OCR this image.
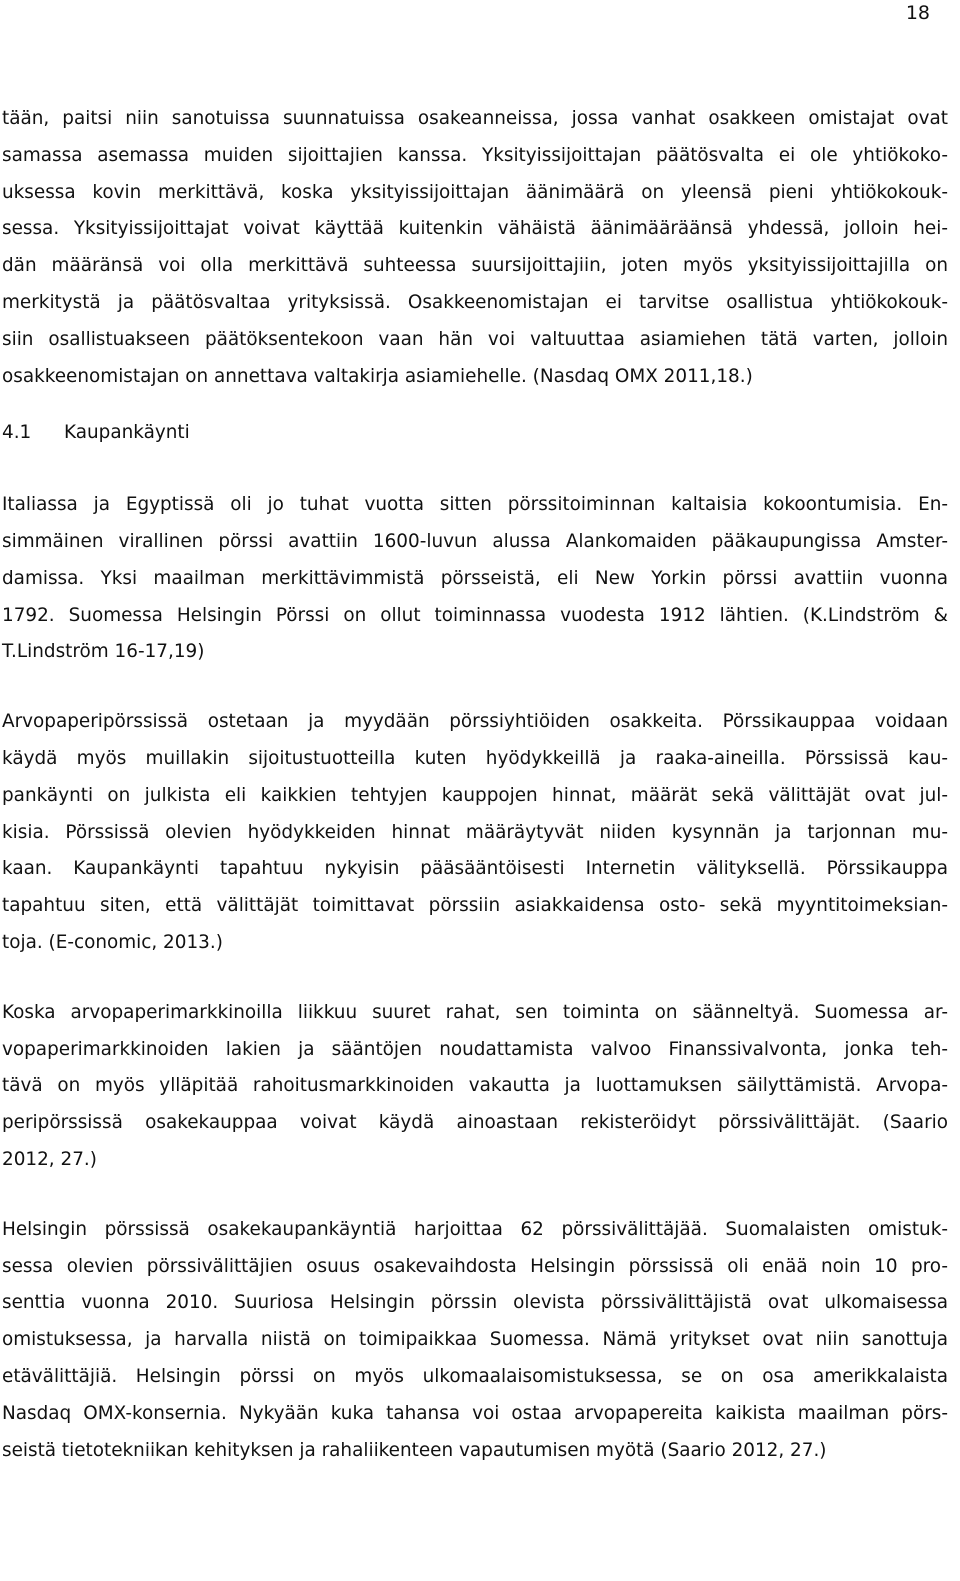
18

tään, paitsi niin sanotuissa suunnatuissa osakeanneissa, jossa vanhat osakkeen omistajat ovat
samassa asemassa muiden sijoittajien kanssa. Yksityissijoittajan päätösvalta ei ole yhtiökoko-
uksessa kovin merkittävä, koska yksityissijoittajan äänimäärä on yleensä pieni yhtiökokouk-
sessa. Yksityissijoittajat voivat käyttää kuitenkin vähäistä äänimääräänsä yhdessä, jolloin hei-
dän määränsä voi olla merkittävä suhteessa suursijoittajiin, joten myös yksityissijoittajilla on
merkitystä ja päätösvaltaa yrityksissä. Osakkeenomistajan ei tarvitse osallistua yhtiökokouk-
siin osallistuakseen päätöksentekoon vaan hän voi valtuuttaa asiamiehen tätä varten, jolloin
osakkeenomistajan on annettava valtakirja asiamiehelle. (Nasdaq OMX 2011,18.)

4.1 Kaupankäynti

Italiassa ja Egyptissä oli jo tuhat vuotta sitten pörssitoiminnan kaltaisia kokoontumisia. En-
simmäinen virallinen pörssi avattiin 1600-luvun alussa Alankomaiden pääkaupungissa Amster-
damissa. Yksi maailman merkittävimmistä pörsseistä, eli New Yorkin pörssi avattiin vuonna
1792. Suomessa Helsingin Pörssi on ollut toiminnassa vuodesta 1912 lähtien. (K.Lindström &
T.Lindström 16-17,19)

Arvopaperipörssissä ostetaan ja myydään pörssiyhtiöiden osakkeita. Pörssikauppaa voidaan
käydä myös muillakin sijoitustuotteilla kuten hyödykkeillä ja raaka-aineilla. Pörssissä kau-
pankäynti on julkista eli kaikkien tehtyjen kauppojen hinnat, määrät sekä välittäjät ovat jul-
kisia. Pörssissä olevien hyödykkeiden hinnat määräytyvät niiden kysynnän ja tarjonnan mu-
kaan. Kaupankäynti tapahtuu nykyisin pääsääntöisesti Internetin välityksellä. Pörssikauppa
tapahtuu siten, että välittäjät toimittavat pörssiin asiakkaidensa osto- sekä myyntitoimeksian-
toja. (E-conomic, 2013.)

Koska arvopaperimarkkinoilla liikkuu suuret rahat, sen toiminta on säänneltyä. Suomessa ar-
vopaperimarkkinoiden lakien ja sääntöjen noudattamista valvoo Finanssivalvonta, jonka teh-
tävä on myös ylläpitää rahoitusmarkkinoiden vakautta ja luottamuksen säilyttämistä. Arvopa-
peripörssissä osakekauppaa voivat käydä ainoastaan rekisteröidyt pörssivälittäjät. (Saario
2012, 27.)

Helsingin pörssissä osakekaupankäyntiä harjoittaa 62 pörssivälittäjää. Suomalaisten omistuk-
sessa olevien pörssivälittäjien osuus osakevaihdosta Helsingin pörssissä oli enää noin 10 pro-
senttia vuonna 2010. Suuriosa Helsingin pörssin olevista pörssivälittäjistä ovat ulkomaisessa
omistuksessa, ja harvalla niistä on toimipaikkaa Suomessa. Nämä yritykset ovat niin sanottuja
etävälittäjiä. Helsingin pörssi on myös ulkomaalaisomistuksessa, se on osa amerikkalaista
Nasdaq OMX-konsernia. Nykyään kuka tahansa voi ostaa arvopapereita kaikista maailman pörs-
seistä tietotekniikan kehityksen ja rahaliikenteen vapautumisen myötä (Saario 2012, 27.)
